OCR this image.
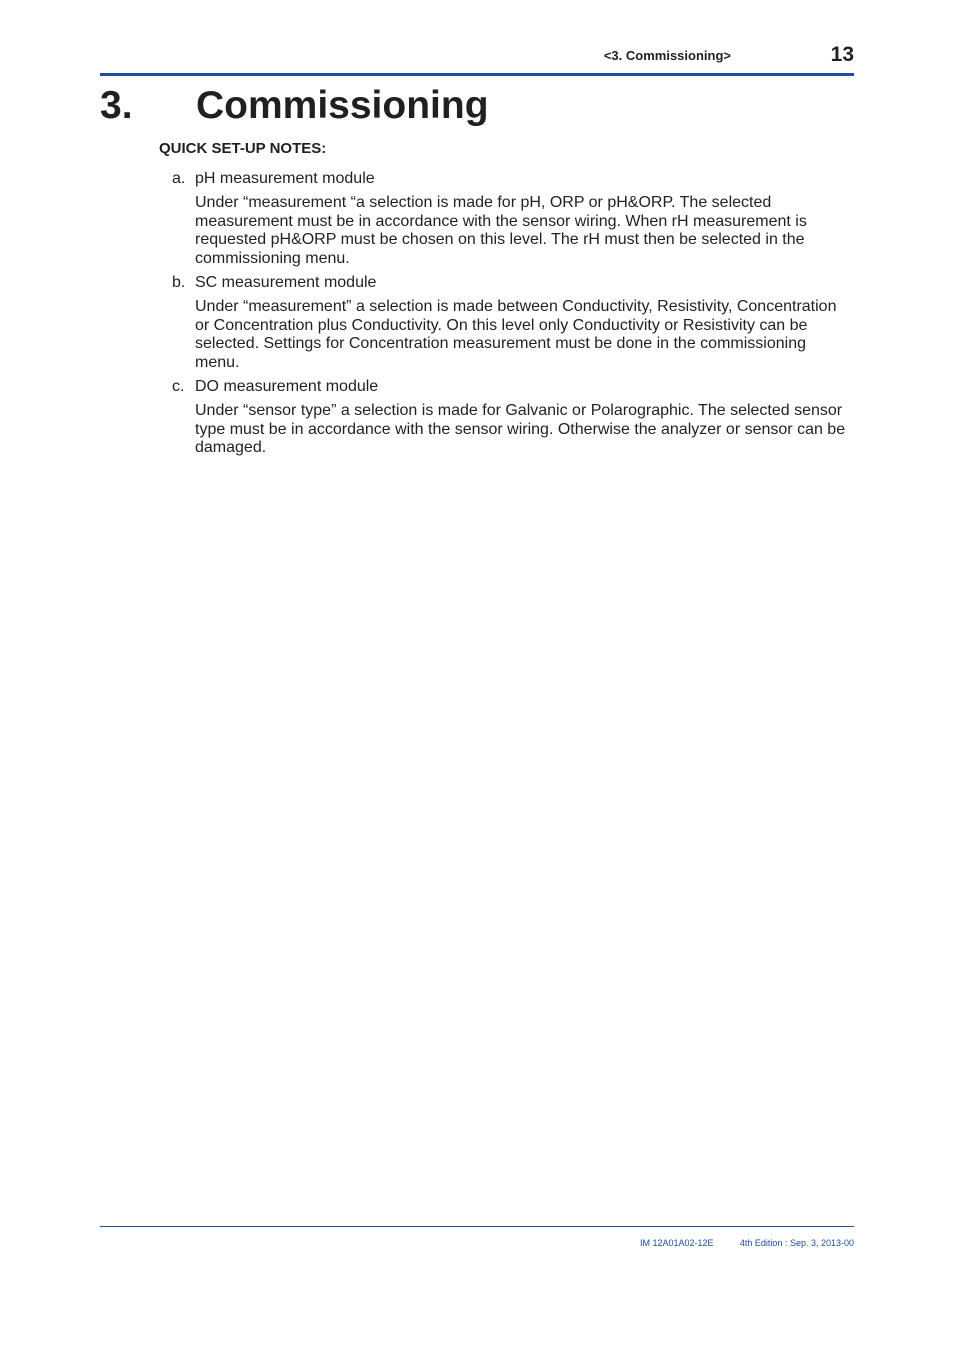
<3. Commissioning>	13
3. Commissioning
QUICK SET-UP NOTES:
a. pH measurement module

Under “measurement “a selection is made for pH, ORP or pH&ORP. The selected measurement must be in accordance with the sensor wiring. When rH measurement is requested pH&ORP must be chosen on this level. The rH must then be selected in the commissioning menu.

b. SC measurement module

Under “measurement” a selection is made between Conductivity, Resistivity, Concentration or Concentration plus Conductivity. On this level only Conductivity or Resistivity can be selected. Settings for Concentration measurement must be done in the commissioning menu.

c. DO measurement module

Under “sensor type” a selection is made for Galvanic or Polarographic. The selected sensor type must be in accordance with the sensor wiring. Otherwise the analyzer or sensor can be damaged.

IM 12A01A02-12E	4th Edition : Sep. 3, 2013-00
